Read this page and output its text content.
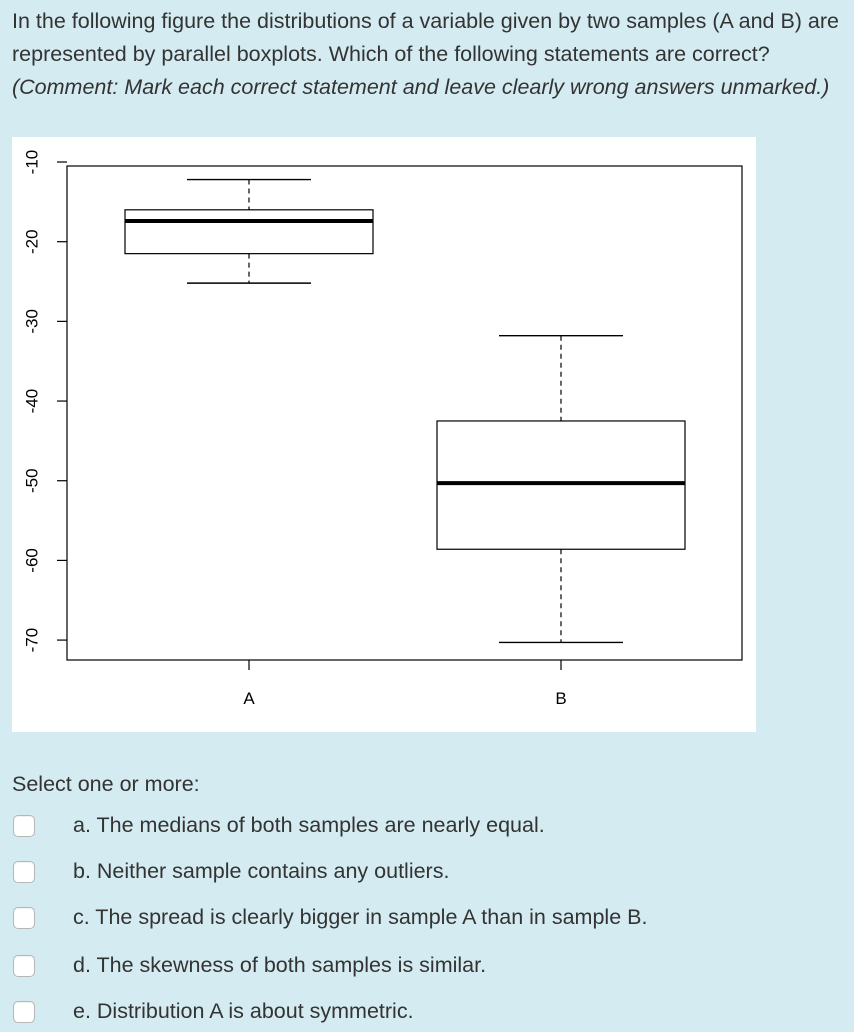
In the following figure the distributions of a variable given by two samples (A and B) are represented by parallel boxplots. Which of the following statements are correct? (Comment: Mark each correct statement and leave clearly wrong answers unmarked.)

-10
-20
-30
-40
-50
-60
-70
A	B

Select one or more:

a. The medians of both samples are nearly equal.
b. Neither sample contains any outliers.
c. The spread is clearly bigger in sample A than in sample B.
d. The skewness of both samples is similar.
e. Distribution A is about symmetric.
